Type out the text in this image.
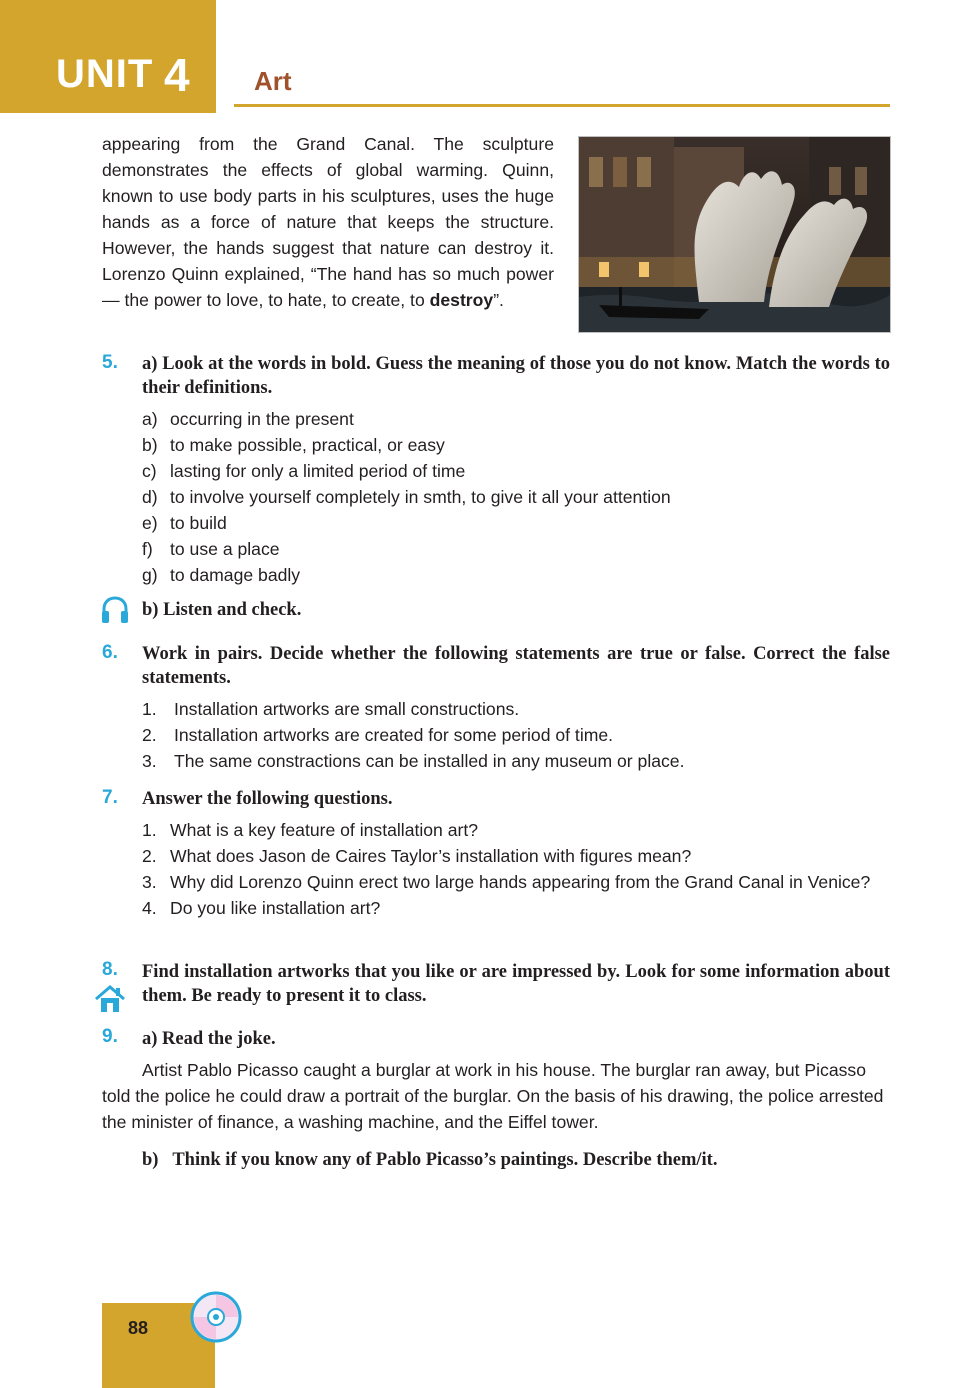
UNIT 4 Art
appearing from the Grand Canal. The sculpture demonstrates the effects of global warming. Quinn, known to use body parts in his sculptures, uses the huge hands as a force of nature that keeps the structure. However, the hands suggest that nature can destroy it. Lorenzo Quinn explained, “The hand has so much power — the power to love, to hate, to create, to destroy”.
5. a) Look at the words in bold. Guess the meaning of those you do not know. Match the words to their definitions.
a) occurring in the present
b) to make possible, practical, or easy
c) lasting for only a limited period of time
d) to involve yourself completely in smth, to give it all your attention
e) to build
f) to use a place
g) to damage badly
b) Listen and check.
6. Work in pairs. Decide whether the following statements are true or false. Correct the false statements.
1. Installation artworks are small constructions.
2. Installation artworks are created for some period of time.
3. The same constractions can be installed in any museum or place.
7. Answer the following questions.
1. What is a key feature of installation art?
2. What does Jason de Caires Taylor’s installation with figures mean?
3. Why did Lorenzo Quinn erect two large hands appearing from the Grand Canal in Venice?
4. Do you like installation art?
8. Find installation artworks that you like or are impressed by. Look for some information about them. Be ready to present it to class.
9. a) Read the joke.
Artist Pablo Picasso caught a burglar at work in his house. The burglar ran away, but Picasso told the police he could draw a portrait of the burglar. On the basis of his drawing, the police arrested the minister of finance, a washing machine, and the Eiffel tower.
b) Think if you know any of Pablo Picasso’s paintings. Describe them/it.
88
